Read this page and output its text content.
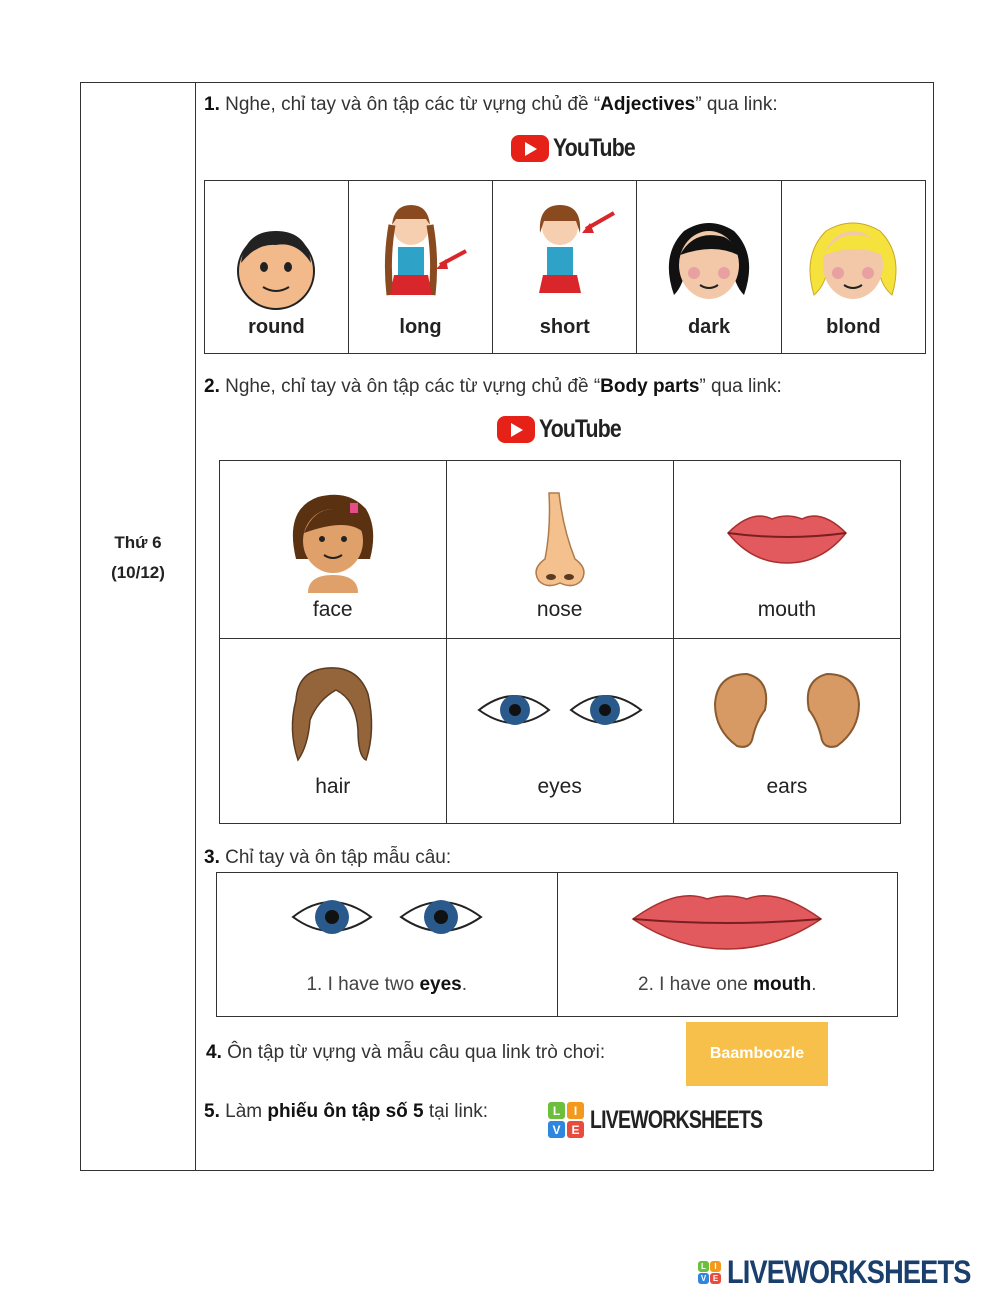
Thứ 6
(10/12)
1. Nghe, chỉ tay và ôn tập các từ vựng chủ đề “Adjectives” qua link:
YouTube
round	long	short	dark	blond
2. Nghe, chỉ tay và ôn tập các từ vựng chủ đề “Body parts” qua link:
YouTube
face	nose	mouth

hair	eyes	ears
3. Chỉ tay và ôn tập mẫu câu:
1. I have two eyes.	2. I have one mouth.
4. Ôn tập từ vựng và mẫu câu qua link trò chơi:	Baamboozle
5. Làm phiếu ôn tập số 5 tại link:	L	I
V E LIVEWORKSHEETS
L	I
V E LIVEWORKSHEETS
